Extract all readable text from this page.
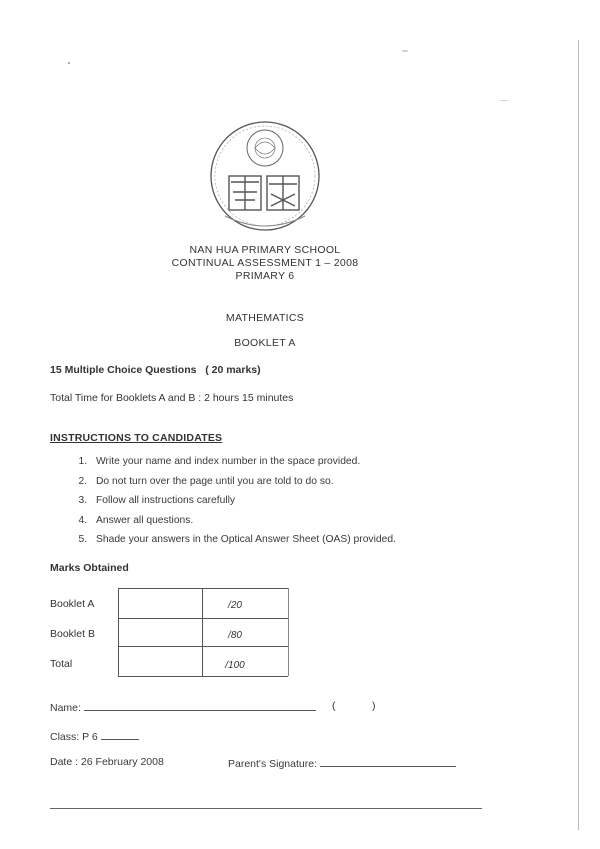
NAN HUA PRIMARY SCHOOL
CONTINUAL ASSESSMENT 1 – 2008
PRIMARY 6
MATHEMATICS
BOOKLET A
15 Multiple Choice Questions   ( 20 marks)
Total Time for Booklets A and B : 2 hours 15 minutes
INSTRUCTIONS TO CANDIDATES
1. Write your name and index number in the space provided.
2. Do not turn over the page until you are told to do so.
3. Follow all instructions carefully
4. Answer all questions.
5. Shade your answers in the Optical Answer Sheet (OAS) provided.
Marks Obtained
Booklet A	/20
Booklet B	/80
Total	/100
Name:	(	)
Class: P 6
Date : 26 February 2008	Parent's Signature:
